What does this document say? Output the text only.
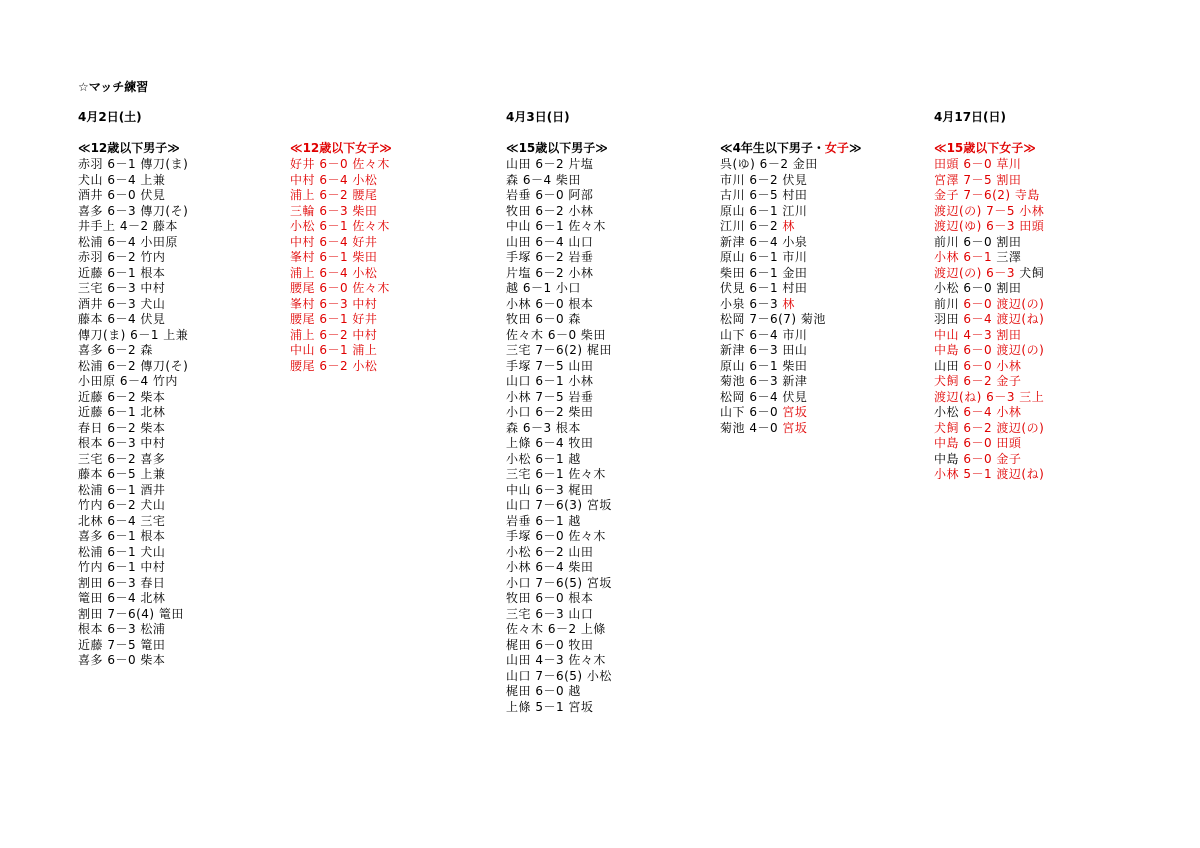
☆マッチ練習
4月2日(土)	4月3日(日)	4月17日(日)
≪12歳以下男子≫
赤羽 6－1 傳刀(ま)
犬山 6－4 上兼
酒井 6－0 伏見
喜多 6－3 傳刀(そ)
井手上 4－2 藤本
松浦 6－4 小田原
赤羽 6－2 竹内
近藤 6－1 根本
三宅 6－3 中村
酒井 6－3 犬山
藤本 6－4 伏見
傳刀(ま) 6－1 上兼
喜多 6－2 森
松浦 6－2 傳刀(そ)
小田原 6－4 竹内
近藤 6－2 柴本
近藤 6－1 北林
春日 6－2 柴本
根本 6－3 中村
三宅 6－2 喜多
藤本 6－5 上兼
松浦 6－1 酒井
竹内 6－2 犬山
北林 6－4 三宅
喜多 6－1 根本
松浦 6－1 犬山
竹内 6－1 中村
割田 6－3 春日
篭田 6－4 北林
割田 7－6(4) 篭田
根本 6－3 松浦
近藤 7－5 篭田
喜多 6－0 柴本
≪12歳以下女子≫
好井 6－0 佐々木
中村 6－4 小松
浦上 6－2 腰尾
三輪 6－3 柴田
小松 6－1 佐々木
中村 6－4 好井
峯村 6－1 柴田
浦上 6－4 小松
腰尾 6－0 佐々木
峯村 6－3 中村
腰尾 6－1 好井
浦上 6－2 中村
中山 6－1 浦上
腰尾 6－2 小松
≪15歳以下男子≫
山田 6－2 片塩
森 6－4 柴田
岩垂 6－0 阿部
牧田 6－2 小林
中山 6－1 佐々木
山田 6－4 山口
手塚 6－2 岩垂
片塩 6－2 小林
越 6－1 小口
小林 6－0 根本
牧田 6－0 森
佐々木 6－0 柴田
三宅 7－6(2) 梶田
手塚 7－5 山田
山口 6－1 小林
小林 7－5 岩垂
小口 6－2 柴田
森 6－3 根本
上條 6－4 牧田
小松 6－1 越
三宅 6－1 佐々木
中山 6－3 梶田
山口 7－6(3) 宮坂
岩垂 6－1 越
手塚 6－0 佐々木
小松 6－2 山田
小林 6－4 柴田
小口 7－6(5) 宮坂
牧田 6－0 根本
三宅 6－3 山口
佐々木 6－2 上條
梶田 6－0 牧田
山田 4－3 佐々木
山口 7－6(5) 小松
梶田 6－0 越
上條 5－1 宮坂
≪4年生以下男子・女子≫
呉(ゆ) 6－2 金田
市川 6－2 伏見
古川 6－5 村田
原山 6－1 江川
江川 6－2 林
新津 6－4 小泉
原山 6－1 市川
柴田 6－1 金田
伏見 6－1 村田
小泉 6－3 林
松岡 7－6(7) 菊池
山下 6－4 市川
新津 6－3 田山
原山 6－1 柴田
菊池 6－3 新津
松岡 6－4 伏見
山下 6－0 宮坂
菊池 4－0 宮坂
≪15歳以下女子≫
田頭 6－0 草川
宮澤 7－5 割田
金子 7－6(2) 寺島
渡辺(の) 7－5 小林
渡辺(ゆ) 6－3 田頭
前川 6－0 割田
小林 6－1 三澤
渡辺(の) 6－3 犬飼
小松 6－0 割田
前川 6－0 渡辺(の)
羽田 6－4 渡辺(ね)
中山 4－3 割田
中島 6－0 渡辺(の)
山田 6－0 小林
犬飼 6－2 金子
渡辺(ね) 6－3 三上
小松 6－4 小林
犬飼 6－2 渡辺(の)
中島 6－0 田頭
中島 6－0 金子
小林 5－1 渡辺(ね)
